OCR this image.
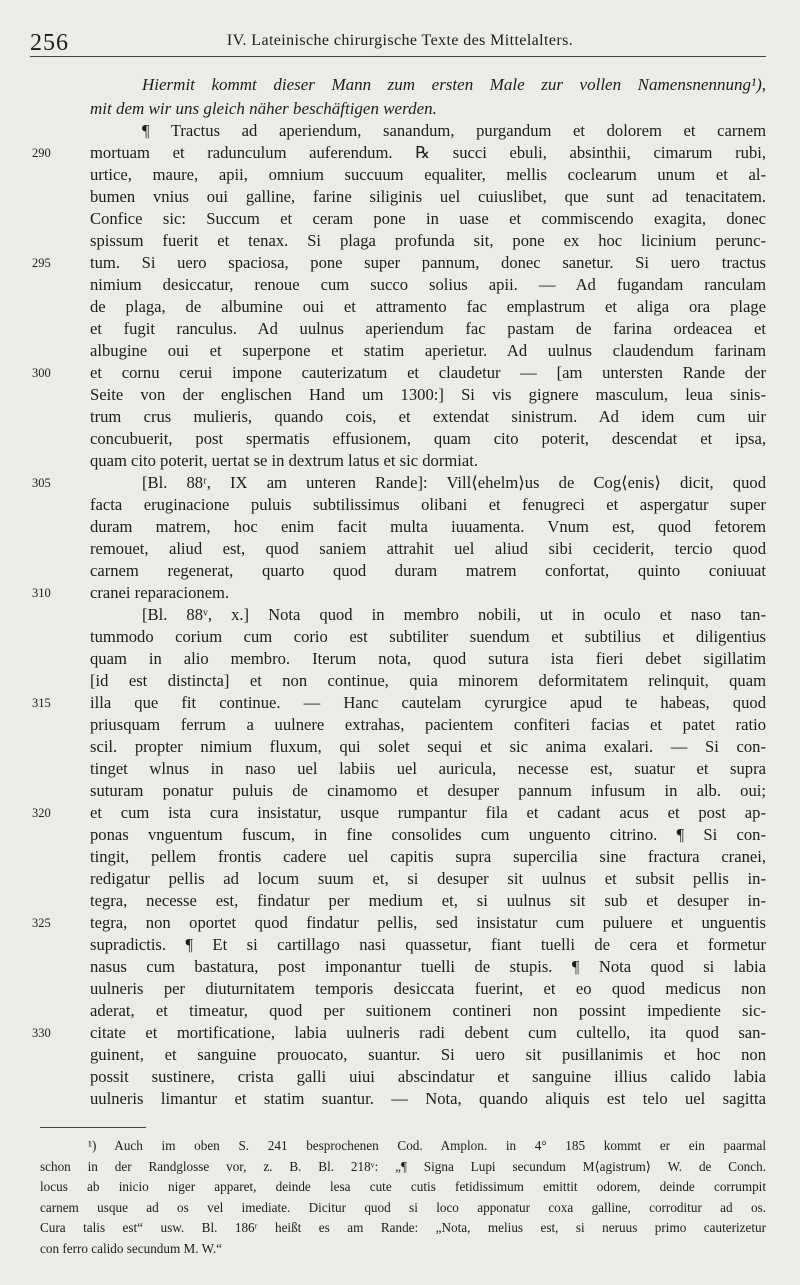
256	IV. Lateinische chirurgische Texte des Mittelalters.
Hiermit kommt dieser Mann zum ersten Male zur vollen Namensnennung¹),
mit dem wir uns gleich näher beschäftigen werden.
290
295
300
305
310
315
320
325
330
¶ Tractus ad aperiendum, sanandum, purgandum et dolorem et carnem
mortuam et radunculum auferendum. ℞ succi ebuli, absinthii, cimarum rubi,
urtice, maure, apii, omnium succuum equaliter, mellis coclearum unum et al-
bumen vnius oui galline, farine siliginis uel cuiuslibet, que sunt ad tenacitatem.
Confice sic: Succum et ceram pone in uase et commiscendo exagita, donec
spissum fuerit et tenax. Si plaga profunda sit, pone ex hoc licinium perunc-
tum. Si uero spaciosa, pone super pannum, donec sanetur. Si uero tractus
nimium desiccatur, renoue cum succo solius apii. — Ad fugandam ranculam
de plaga, de albumine oui et attramento fac emplastrum et aliga ora plage
et fugit ranculus. Ad uulnus aperiendum fac pastam de farina ordeacea et
albugine oui et superpone et statim aperietur. Ad uulnus claudendum farinam
et cornu cerui impone cauterizatum et claudetur — [am untersten Rande der
Seite von der englischen Hand um 1300:] Si vis gignere masculum, leua sinis-
trum crus mulieris, quando cois, et extendat sinistrum. Ad idem cum uir
concubuerit, post spermatis effusionem, quam cito poterit, descendat et ipsa,
quam cito poterit, uertat se in dextrum latus et sic dormiat.
[Bl. 88ʳ, IX am unteren Rande]: Vill⟨ehelm⟩us de Cog⟨enis⟩ dicit, quod
facta eruginacione puluis subtilissimus olibani et fenugreci et aspergatur super
duram matrem, hoc enim facit multa iuuamenta. Vnum est, quod fetorem
remouet, aliud est, quod saniem attrahit uel aliud sibi ceciderit, tercio quod
carnem regenerat, quarto quod duram matrem confortat, quinto coniuuat
cranei reparacionem.
[Bl. 88ᵛ, x.] Nota quod in membro nobili, ut in oculo et naso tan-
tummodo corium cum corio est subtiliter suendum et subtilius et diligentius
quam in alio membro. Iterum nota, quod sutura ista fieri debet sigillatim
[id est distincta] et non continue, quia minorem deformitatem relinquit, quam
illa que fit continue. — Hanc cautelam cyrurgice apud te habeas, quod
priusquam ferrum a uulnere extrahas, pacientem confiteri facias et patet ratio
scil. propter nimium fluxum, qui solet sequi et sic anima exalari. — Si con-
tinget wlnus in naso uel labiis uel auricula, necesse est, suatur et supra
suturam ponatur puluis de cinamomo et desuper pannum infusum in alb. oui;
et cum ista cura insistatur, usque rumpantur fila et cadant acus et post ap-
ponas vnguentum fuscum, in fine consolides cum unguento citrino. ¶ Si con-
tingit, pellem frontis cadere uel capitis supra supercilia sine fractura cranei,
redigatur pellis ad locum suum et, si desuper sit uulnus et subsit pellis in-
tegra, necesse est, findatur per medium et, si uulnus sit sub et desuper in-
tegra, non oportet quod findatur pellis, sed insistatur cum puluere et unguentis
supradictis. ¶ Et si cartillago nasi quassetur, fiant tuelli de cera et formetur
nasus cum bastatura, post imponantur tuelli de stupis. ¶ Nota quod si labia
uulneris per diuturnitatem temporis desiccata fuerint, et eo quod medicus non
aderat, et timeatur, quod per suitionem contineri non possint impediente sic-
citate et mortificatione, labia uulneris radi debent cum cultello, ita quod san-
guinent, et sanguine prouocato, suantur. Si uero sit pusillanimis et hoc non
possit sustinere, crista galli uiui abscindatur et sanguine illius calido labia
uulneris limantur et statim suantur. — Nota, quando aliquis est telo uel sagitta
¹) Auch im oben S. 241 besprochenen Cod. Amplon. in 4° 185 kommt er ein paarmal
schon in der Randglosse vor, z. B. Bl. 218ᵛ: „¶ Signa Lupi secundum M⟨agistrum⟩ W. de Conch.
locus ab inicio niger apparet, deinde lesa cute cutis fetidissimum emittit odorem, deinde corrumpit
carnem usque ad os vel imediate. Dicitur quod si loco apponatur coxa galline, corroditur ad os.
Cura talis est“ usw. Bl. 186ʳ heißt es am Rande: „Nota, melius est, si neruus primo cauterizetur
con ferro calido secundum M. W.“
